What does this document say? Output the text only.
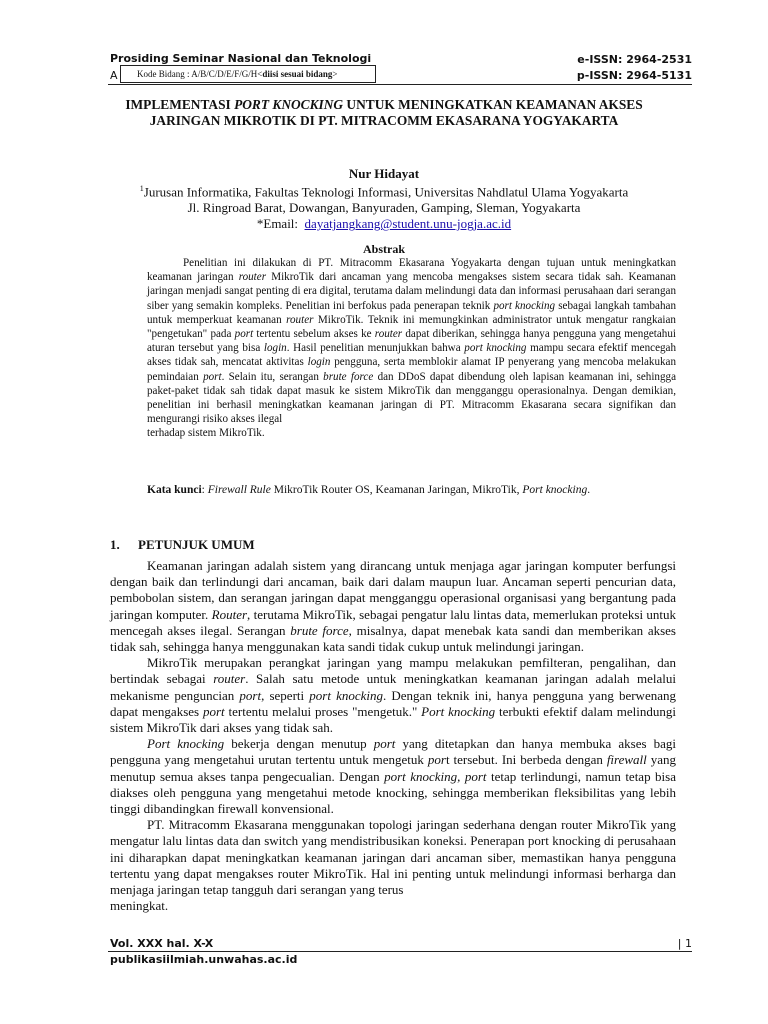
Prosiding Seminar Nasional dan Teknologi
A
e-ISSN: 2964-2531
p-ISSN: 2964-5131
Kode Bidang : A/B/C/D/E/F/G/H<diisi sesuai bidang>
IMPLEMENTASI PORT KNOCKING UNTUK MENINGKATKAN KEAMANAN AKSES JARINGAN MIKROTIK DI PT. MITRACOMM EKASARANA YOGYAKARTA
Nur Hidayat
$^1$Jurusan Informatika, Fakultas Teknologi Informasi, Universitas Nahdlatul Ulama Yogyakarta
Jl. Ringroad Barat, Dowangan, Banyuraden, Gamping, Sleman, Yogyakarta
*Email: dayatjangkang@student.unu-jogja.ac.id
Abstrak

Penelitian ini dilakukan di PT. Mitracomm Ekasarana Yogyakarta dengan tujuan untuk meningkatkan keamanan jaringan router MikroTik dari ancaman yang mencoba mengakses sistem secara tidak sah. Keamanan jaringan menjadi sangat penting di era digital, terutama dalam melindungi data dan informasi perusahaan dari serangan siber yang semakin kompleks. Penelitian ini berfokus pada penerapan teknik port knocking sebagai langkah tambahan untuk memperkuat keamanan router MikroTik. Teknik ini memungkinkan administrator untuk mengatur rangkaian "pengetukan" pada port tertentu sebelum akses ke router dapat diberikan, sehingga hanya pengguna yang mengetahui aturan tersebut yang bisa login. Hasil penelitian menunjukkan bahwa port knocking mampu secara efektif mencegah akses tidak sah, mencatat aktivitas login pengguna, serta memblokir alamat IP penyerang yang mencoba melakukan pemindaian port. Selain itu, serangan brute force dan DDoS dapat dibendung oleh lapisan keamanan ini, sehingga paket-paket tidak sah tidak dapat masuk ke sistem MikroTik dan mengganggu operasionalnya. Dengan demikian, penelitian ini berhasil meningkatkan keamanan jaringan di PT. Mitracomm Ekasarana secara signifikan dan mengurangi risiko akses ilegal
terhadap sistem MikroTik.

Kata kunci: Firewall Rule MikroTik Router OS, Keamanan Jaringan, MikroTik, Port knocking.

1. PETUNJUK UMUM

Keamanan jaringan adalah sistem yang dirancang untuk menjaga agar jaringan komputer berfungsi dengan baik dan terlindungi dari ancaman, baik dari dalam maupun luar. Ancaman seperti pencurian data, pembobolan sistem, dan serangan jaringan dapat mengganggu operasional organisasi yang bergantung pada jaringan komputer. Router, terutama MikroTik, sebagai pengatur lalu lintas data, memerlukan proteksi untuk mencegah akses ilegal. Serangan brute force, misalnya, dapat menebak kata sandi dan memberikan akses tidak sah, sehingga hanya menggunakan kata sandi tidak cukup untuk melindungi jaringan.

MikroTik merupakan perangkat jaringan yang mampu melakukan pemfilteran, pengalihan, dan bertindak sebagai router. Salah satu metode untuk meningkatkan keamanan jaringan adalah melalui mekanisme penguncian port, seperti port knocking. Dengan teknik ini, hanya pengguna yang berwenang dapat mengakses port tertentu melalui proses "mengetuk." Port knocking terbukti efektif dalam melindungi sistem MikroTik dari akses yang tidak sah.

Port knocking bekerja dengan menutup port yang ditetapkan dan hanya membuka akses bagi pengguna yang mengetahui urutan tertentu untuk mengetuk port tersebut. Ini berbeda dengan firewall yang menutup semua akses tanpa pengecualian. Dengan port knocking, port tetap terlindungi, namun tetap bisa diakses oleh pengguna yang mengetahui metode knocking, sehingga memberikan fleksibilitas yang lebih tinggi dibandingkan firewall konvensional.

PT. Mitracomm Ekasarana menggunakan topologi jaringan sederhana dengan router MikroTik yang mengatur lalu lintas data dan switch yang mendistribusikan koneksi. Penerapan port knocking di perusahaan ini diharapkan dapat meningkatkan keamanan jaringan dari ancaman siber, memastikan hanya pengguna tertentu yang dapat mengakses router MikroTik. Hal ini penting untuk melindungi informasi berharga dan menjaga jaringan tetap tangguh dari serangan yang terus

meningkat.

Vol. XXX hal. X-X	| 1
publikasiilmiah.unwahas.ac.id
